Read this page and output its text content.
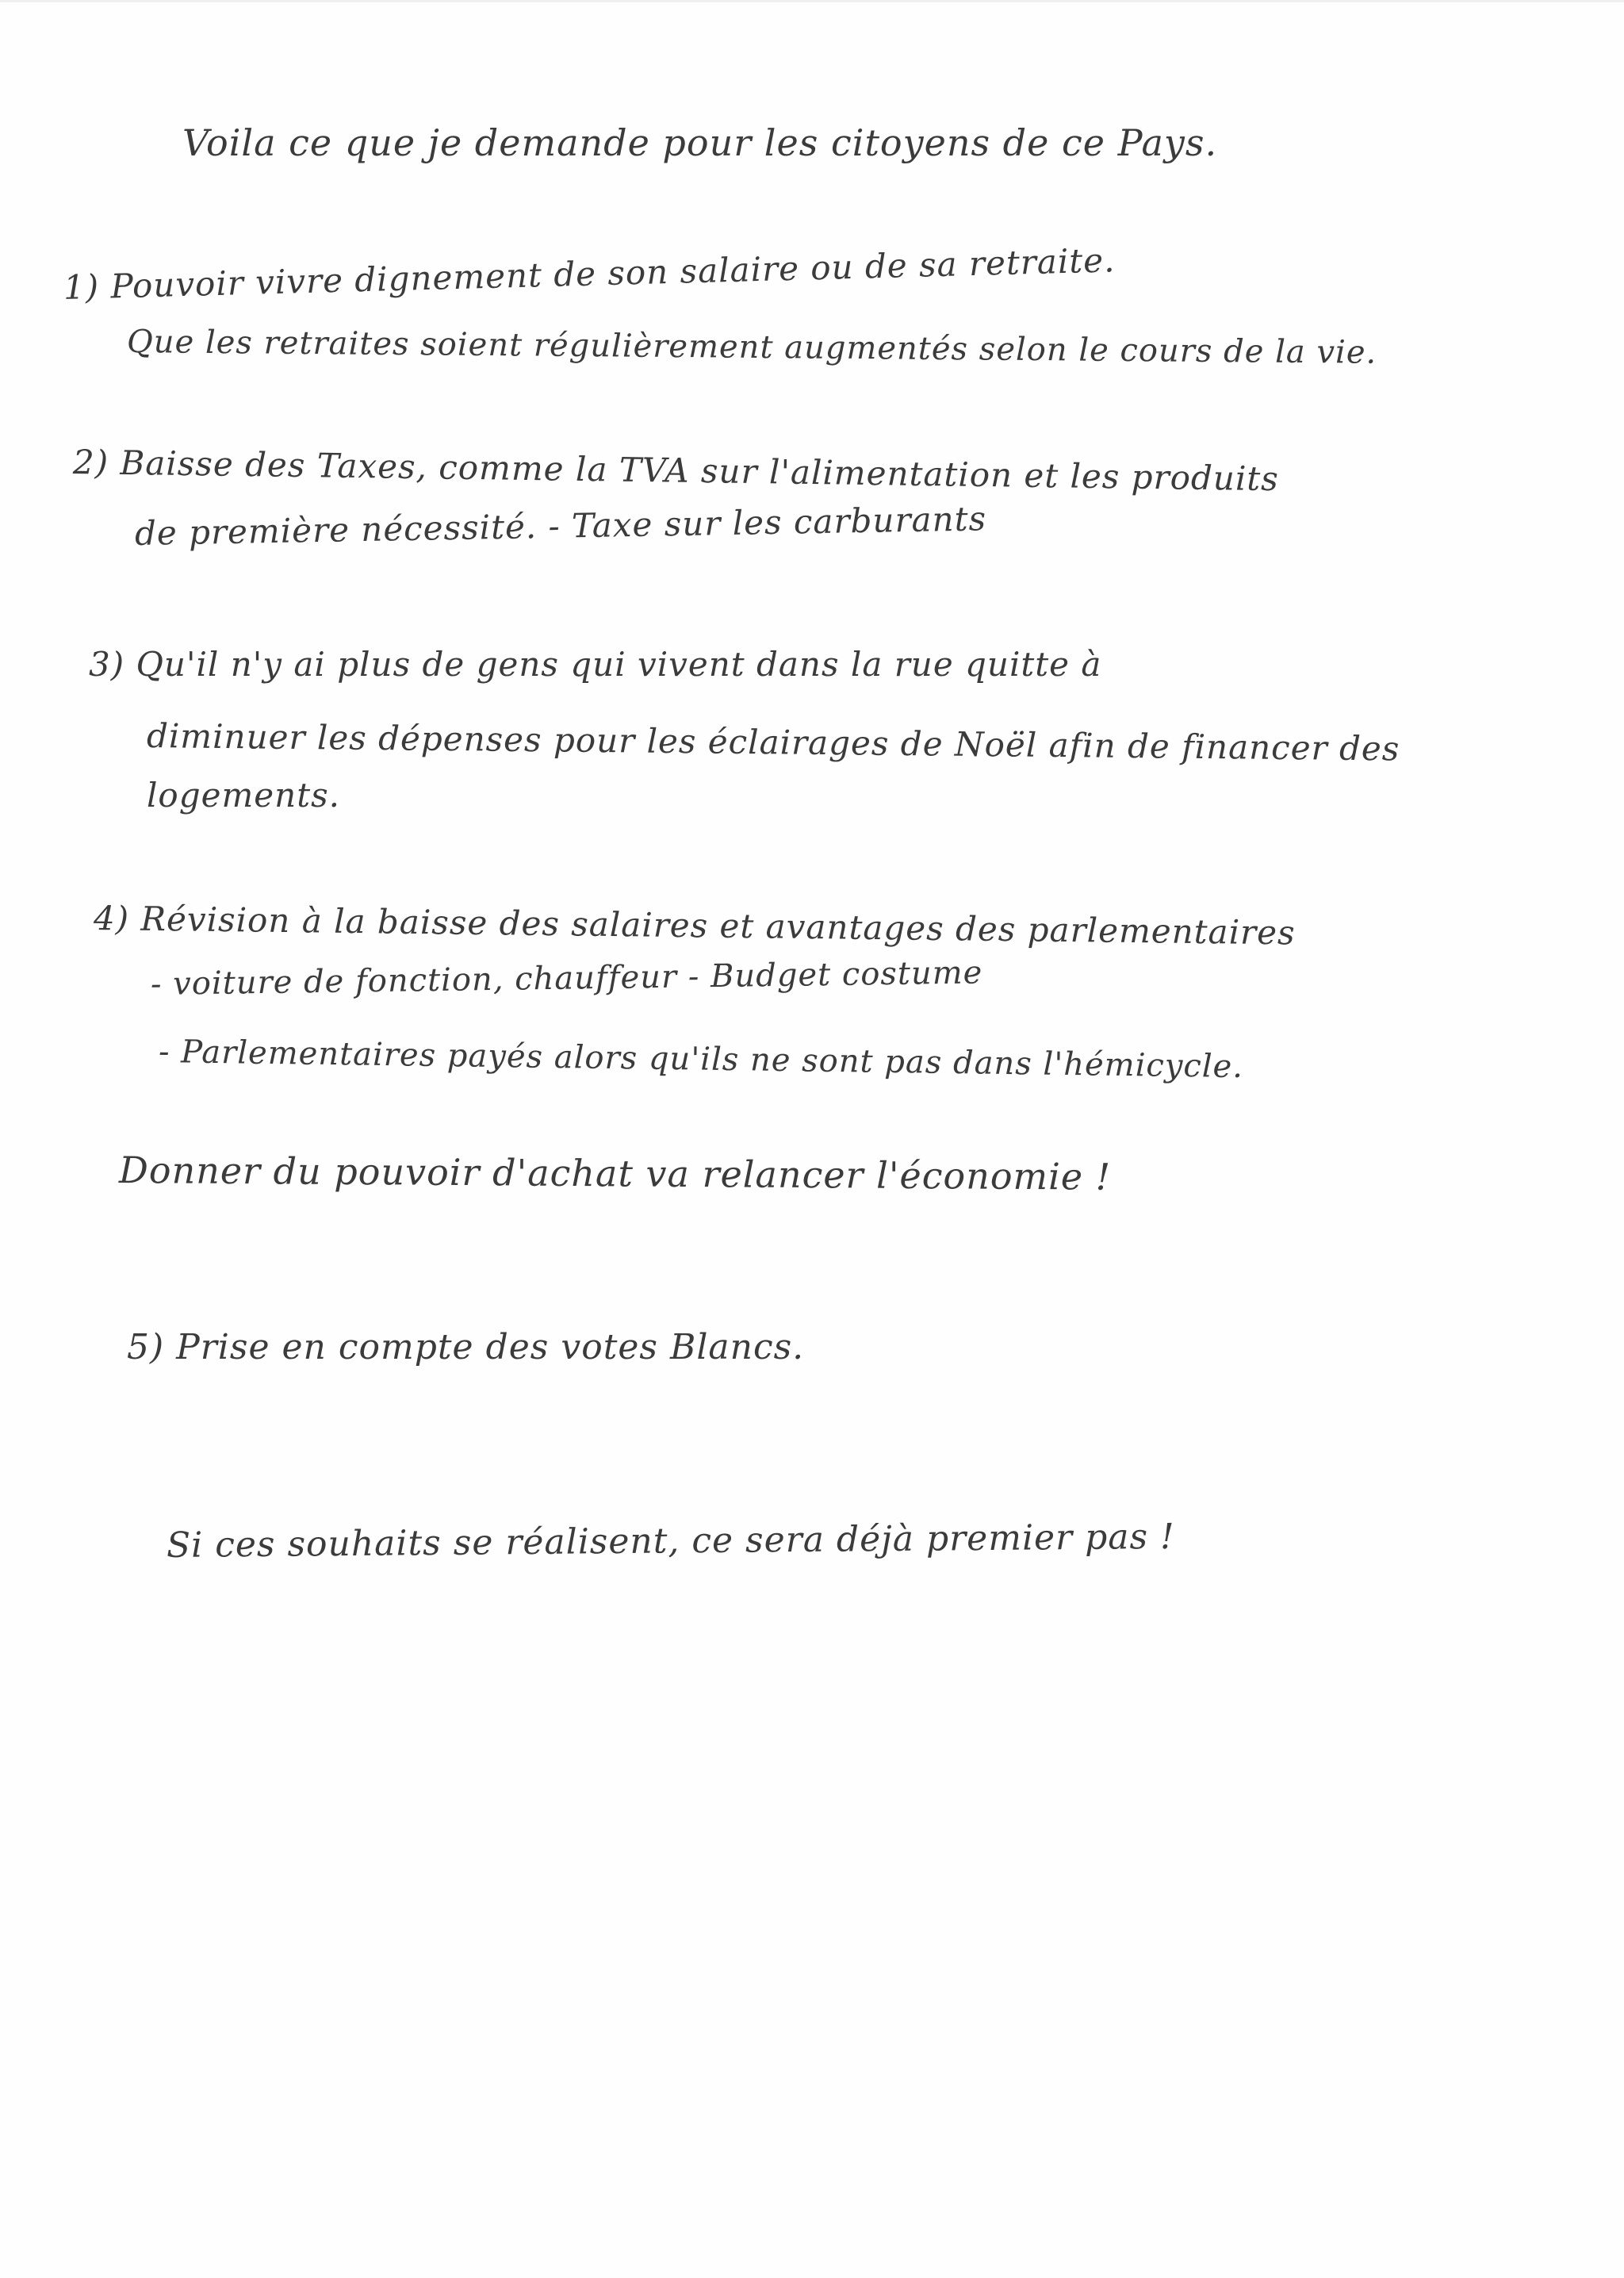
Voila ce que je demande pour les citoyens de ce Pays.
1) Pouvoir vivre dignement de son salaire ou de sa retraite.
Que les retraites soient régulièrement augmentés selon le cours de la vie.
2) Baisse des Taxes, comme la TVA sur l'alimentation et les produits
de première nécessité. - Taxe sur les carburants
3) Qu'il n'y ai plus de gens qui vivent dans la rue quitte à
diminuer les dépenses pour les éclairages de Noël afin de financer des
logements.
4) Révision à la baisse des salaires et avantages des parlementaires
- voiture de fonction, chauffeur - Budget costume
- Parlementaires payés alors qu'ils ne sont pas dans l'hémicycle.
Donner du pouvoir d'achat va relancer l'économie !
5) Prise en compte des votes Blancs.
Si ces souhaits se réalisent, ce sera déjà premier pas !
